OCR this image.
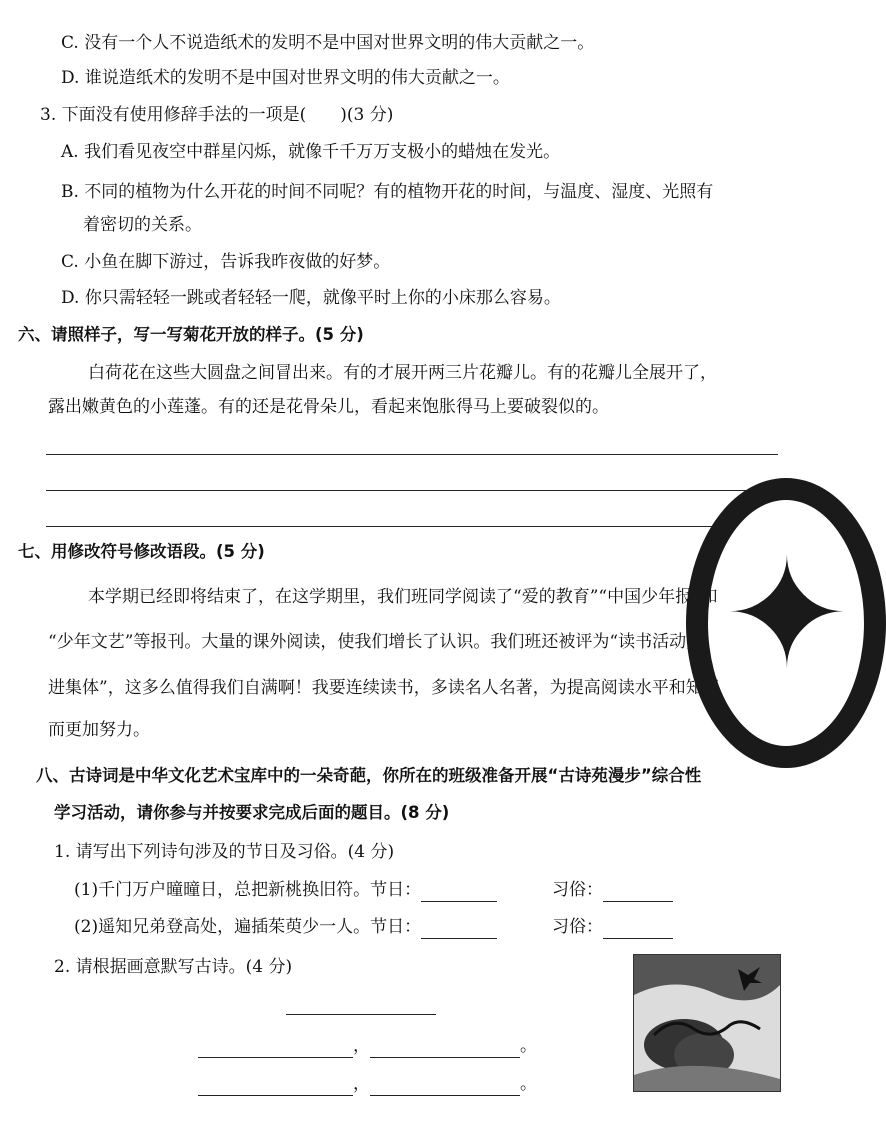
C. 没有一个人不说造纸术的发明不是中国对世界文明的伟大贡献之一。
D. 谁说造纸术的发明不是中国对世界文明的伟大贡献之一。
3. 下面没有使用修辞手法的一项是(　　)(3 分)
A. 我们看见夜空中群星闪烁，就像千千万万支极小的蜡烛在发光。
B. 不同的植物为什么开花的时间不同呢？有的植物开花的时间，与温度、湿度、光照有
着密切的关系。
C. 小鱼在脚下游过，告诉我昨夜做的好梦。
D. 你只需轻轻一跳或者轻轻一爬，就像平时上你的小床那么容易。
六、请照样子，写一写菊花开放的样子。(5 分)
白荷花在这些大圆盘之间冒出来。有的才展开两三片花瓣儿。有的花瓣儿全展开了，
露出嫩黄色的小莲蓬。有的还是花骨朵儿，看起来饱胀得马上要破裂似的。
七、用修改符号修改语段。(5 分)
本学期已经即将结束了，在这学期里，我们班同学阅读了“爱的教育”“中国少年报”和
“少年文艺”等报刊。大量的课外阅读，使我们增长了认识。我们班还被评为“读书活动先
进集体”，这多么值得我们自满啊！我要连续读书，多读名人名著，为提高阅读水平和知识
而更加努力。
✦
八、古诗词是中华文化艺术宝库中的一朵奇葩，你所在的班级准备开展“古诗苑漫步”综合性
学习活动，请你参与并按要求完成后面的题目。(8 分)
1. 请写出下列诗句涉及的节日及习俗。(4 分)
(1)千门万户曈曈日，总把新桃换旧符。节日：	习俗：
(2)遥知兄弟登高处，遍插茱萸少一人。节日：	习俗：
2. 请根据画意默写古诗。(4 分)
，	。
，	。
